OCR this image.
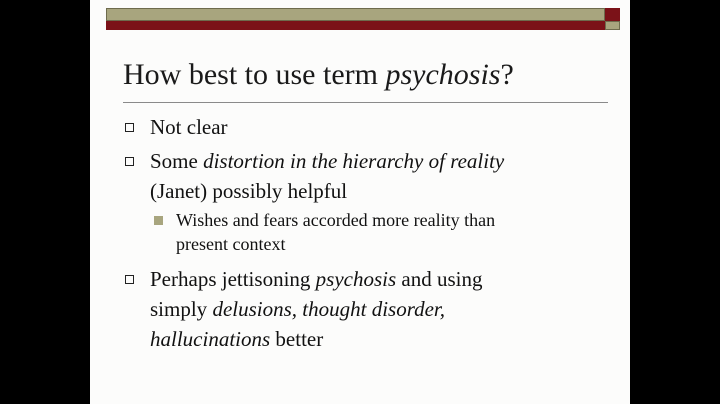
How best to use term psychosis?
Not clear
Some distortion in the hierarchy of reality
(Janet) possibly helpful
Wishes and fears accorded more reality than
present context
Perhaps jettisoning psychosis and using
simply delusions, thought disorder,
hallucinations better
